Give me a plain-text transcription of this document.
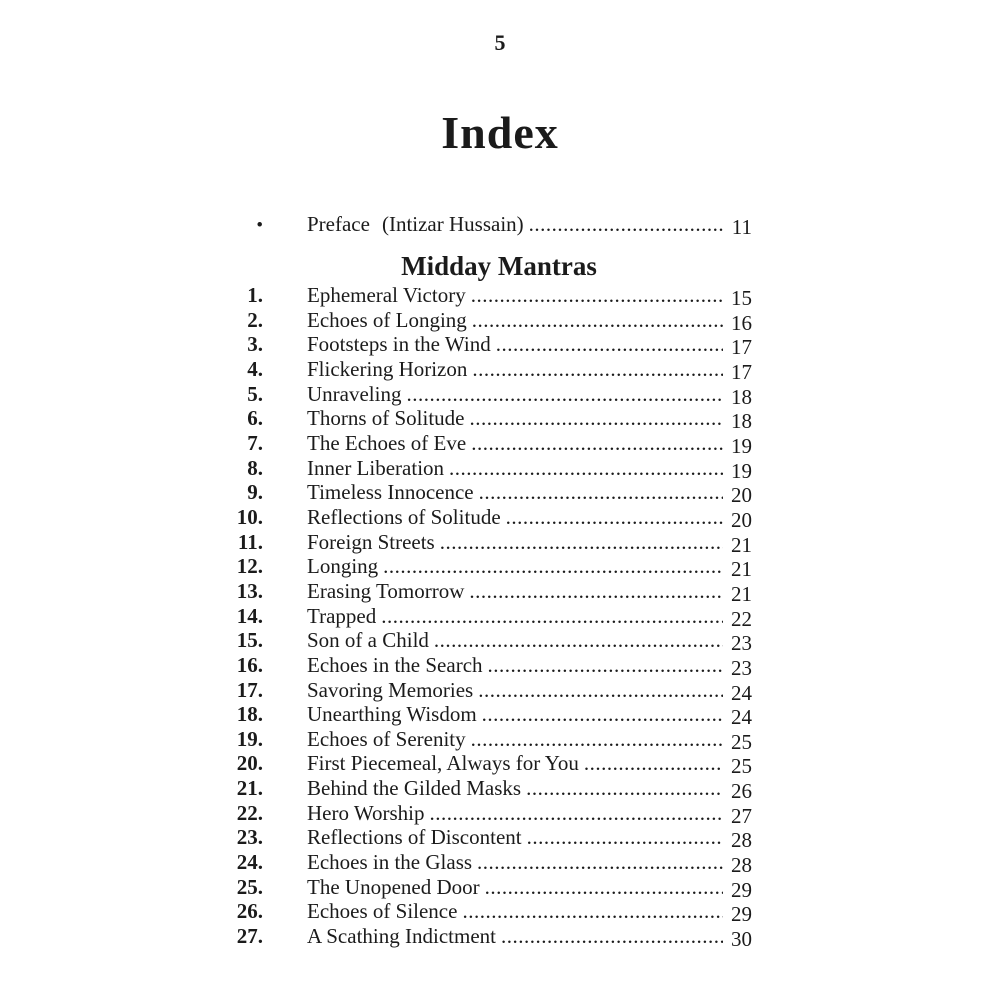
5
Index
• Preface (Intizar Hussain) .....	11
Midday Mantras
1. Ephemeral Victory .....	15
2. Echoes of Longing .....	16
3. Footsteps in the Wind .....	17
4. Flickering Horizon .....	17
5. Unraveling .....	18
6. Thorns of Solitude .....	18
7. The Echoes of Eve .....	19
8. Inner Liberation .....	19
9. Timeless Innocence .....	20
10. Reflections of Solitude .....	20
11. Foreign Streets .....	21
12. Longing .....	21
13. Erasing Tomorrow .....	21
14. Trapped .....	22
15. Son of a Child .....	23
16. Echoes in the Search .....	23
17. Savoring Memories .....	24
18. Unearthing Wisdom .....	24
19. Echoes of Serenity .....	25
20. First Piecemeal, Always for You .....	25
21. Behind the Gilded Masks .....	26
22. Hero Worship .....	27
23. Reflections of Discontent .....	28
24. Echoes in the Glass .....	28
25. The Unopened Door .....	29
26. Echoes of Silence .....	29
27. A Scathing Indictment .....	30
